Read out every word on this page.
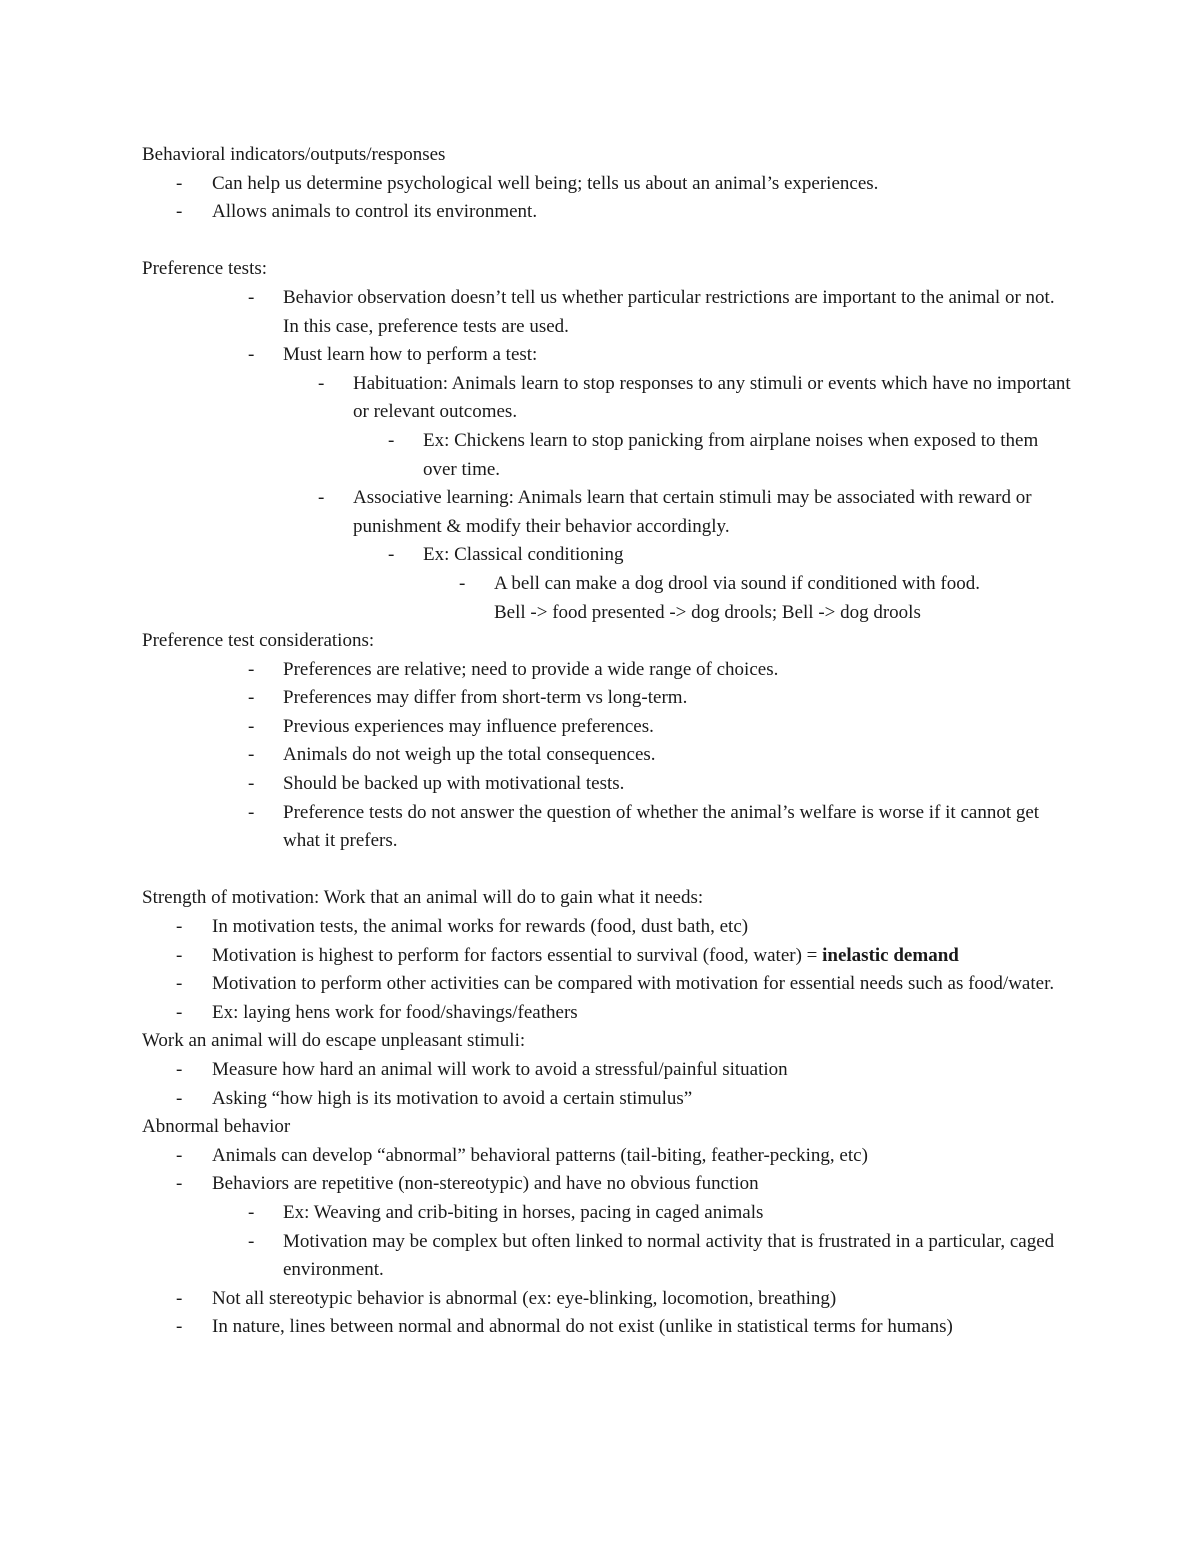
Behavioral indicators/outputs/responses

- Can help us determine psychological well being; tells us about an animal’s experiences.
- Allows animals to control its environment.

Preference tests:

- Behavior observation doesn’t tell us whether particular restrictions are important to the animal or not. In this case, preference tests are used.
- Must learn how to perform a test:
- Habituation: Animals learn to stop responses to any stimuli or events which have no important or relevant outcomes.
- Ex: Chickens learn to stop panicking from airplane noises when exposed to them over time.
- Associative learning: Animals learn that certain stimuli may be associated with reward or punishment & modify their behavior accordingly.
- Ex: Classical conditioning
- A bell can make a dog drool via sound if conditioned with food.
Bell -> food presented -> dog drools; Bell -> dog drools

Preference test considerations:

- Preferences are relative; need to provide a wide range of choices.
- Preferences may differ from short-term vs long-term.
- Previous experiences may influence preferences.
- Animals do not weigh up the total consequences.
- Should be backed up with motivational tests.
- Preference tests do not answer the question of whether the animal’s welfare is worse if it cannot get what it prefers.

Strength of motivation: Work that an animal will do to gain what it needs:

- In motivation tests, the animal works for rewards (food, dust bath, etc)
- Motivation is highest to perform for factors essential to survival (food, water) = inelastic demand
- Motivation to perform other activities can be compared with motivation for essential needs such as food/water.
- Ex: laying hens work for food/shavings/feathers

Work an animal will do escape unpleasant stimuli:

- Measure how hard an animal will work to avoid a stressful/painful situation
- Asking “how high is its motivation to avoid a certain stimulus”

Abnormal behavior

- Animals can develop “abnormal” behavioral patterns (tail-biting, feather-pecking, etc)
- Behaviors are repetitive (non-stereotypic) and have no obvious function
- Ex: Weaving and crib-biting in horses, pacing in caged animals
- Motivation may be complex but often linked to normal activity that is frustrated in a particular, caged environment.
- Not all stereotypic behavior is abnormal (ex: eye-blinking, locomotion, breathing)
- In nature, lines between normal and abnormal do not exist (unlike in statistical terms for humans)
